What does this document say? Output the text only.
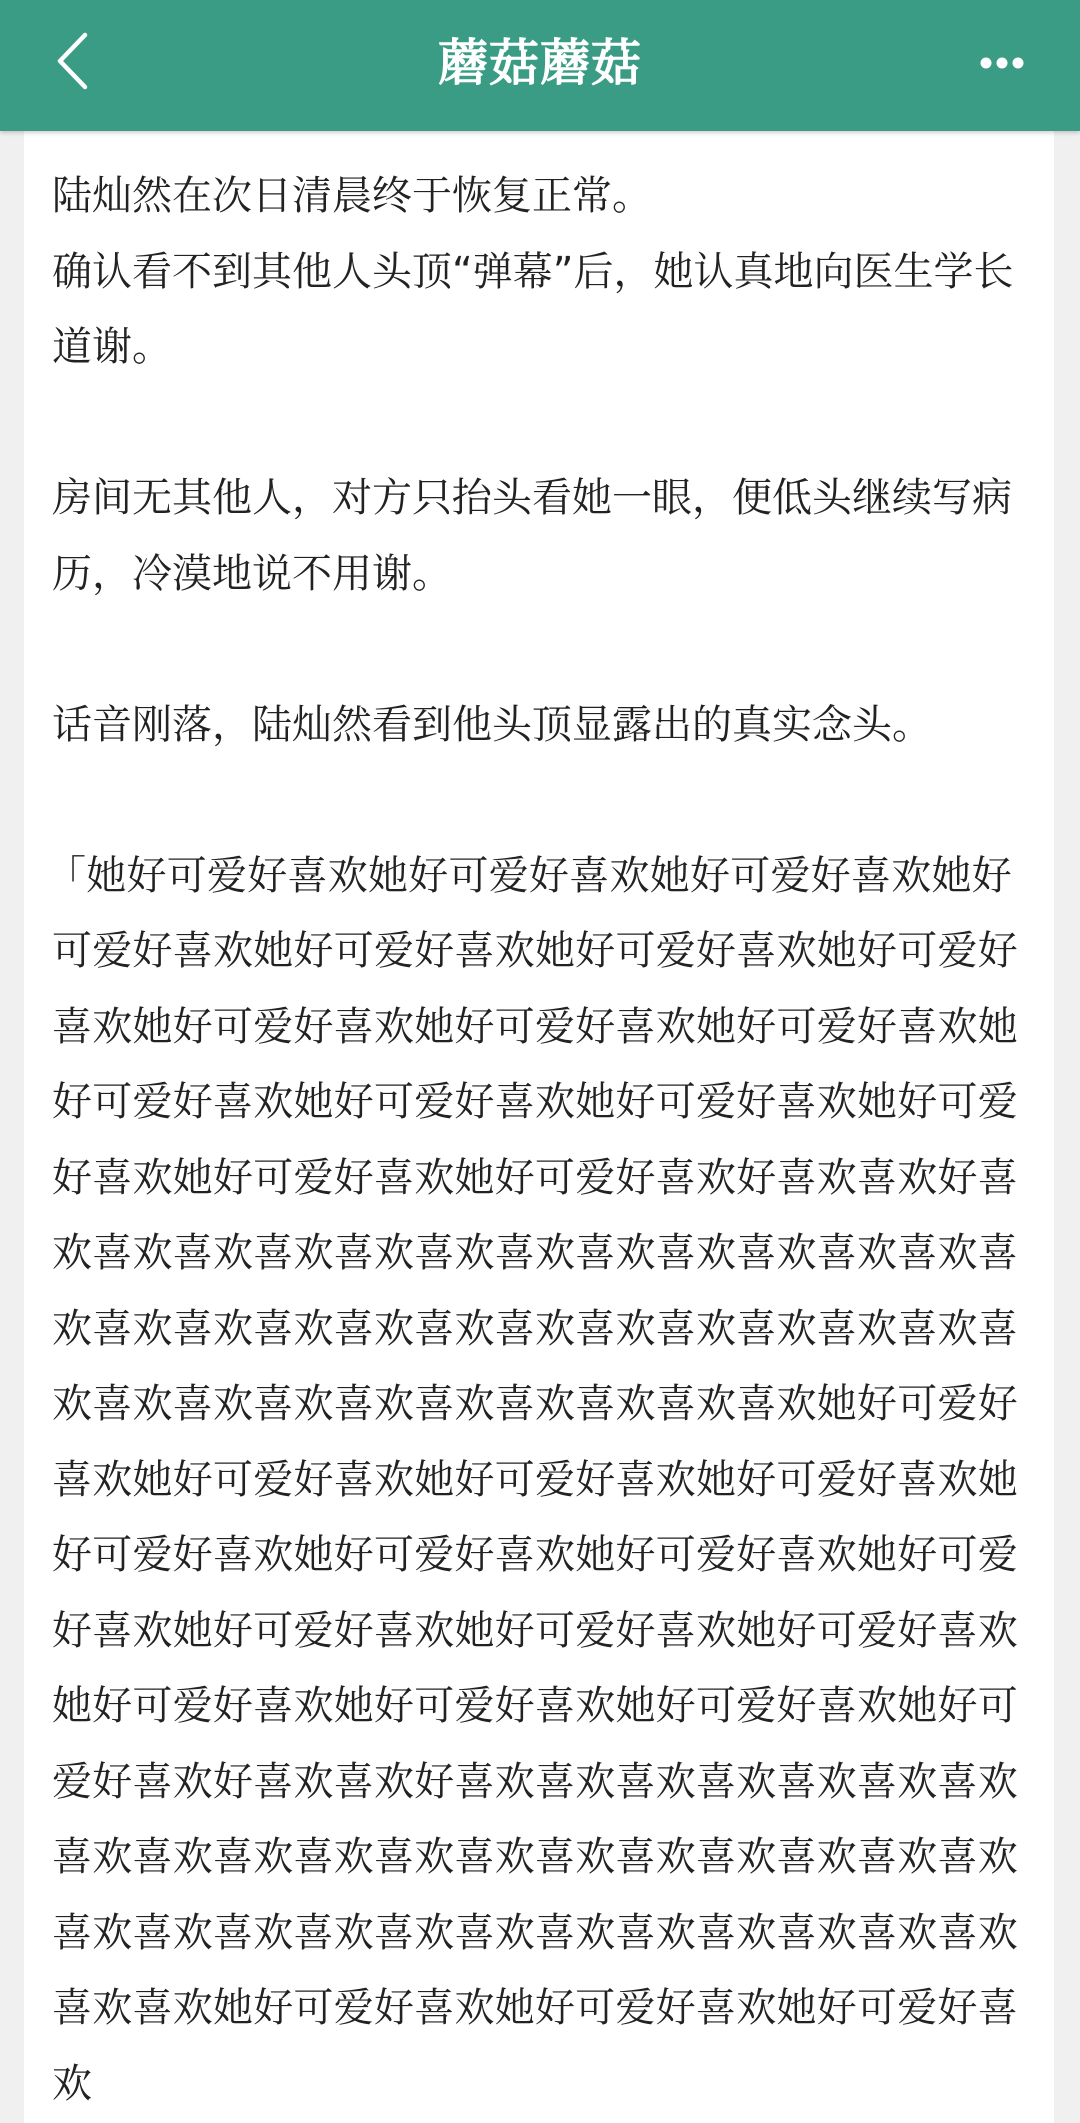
蘑菇蘑菇

陆灿然在次日清晨终于恢复正常。

确认看不到其他人头顶“弹幕”后，她认真地向医生学长道谢。

房间无其他人，对方只抬头看她一眼，便低头继续写病历，冷漠地说不用谢。

话音刚落，陆灿然看到他头顶显露出的真实念头。

「她好可爱好喜欢她好可爱好喜欢她好可爱好喜欢她好可爱好喜欢她好可爱好喜欢她好可爱好喜欢她好可爱好喜欢她好可爱好喜欢她好可爱好喜欢她好可爱好喜欢她好可爱好喜欢她好可爱好喜欢她好可爱好喜欢她好可爱好喜欢她好可爱好喜欢她好可爱好喜欢好喜欢喜欢好喜欢喜欢喜欢喜欢喜欢喜欢喜欢喜欢喜欢喜欢喜欢喜欢喜欢喜欢喜欢喜欢喜欢喜欢喜欢喜欢喜欢喜欢喜欢喜欢喜欢喜欢喜欢喜欢喜欢喜欢喜欢喜欢喜欢喜欢她好可爱好喜欢她好可爱好喜欢她好可爱好喜欢她好可爱好喜欢她好可爱好喜欢她好可爱好喜欢她好可爱好喜欢她好可爱好喜欢她好可爱好喜欢她好可爱好喜欢她好可爱好喜欢她好可爱好喜欢她好可爱好喜欢她好可爱好喜欢她好可爱好喜欢好喜欢喜欢好喜欢喜欢喜欢喜欢喜欢喜欢喜欢喜欢喜欢喜欢喜欢喜欢喜欢喜欢喜欢喜欢喜欢喜欢喜欢喜欢喜欢喜欢喜欢喜欢喜欢喜欢喜欢喜欢喜欢喜欢喜欢喜欢喜欢她好可爱好喜欢她好可爱好喜欢她好可爱好喜欢
